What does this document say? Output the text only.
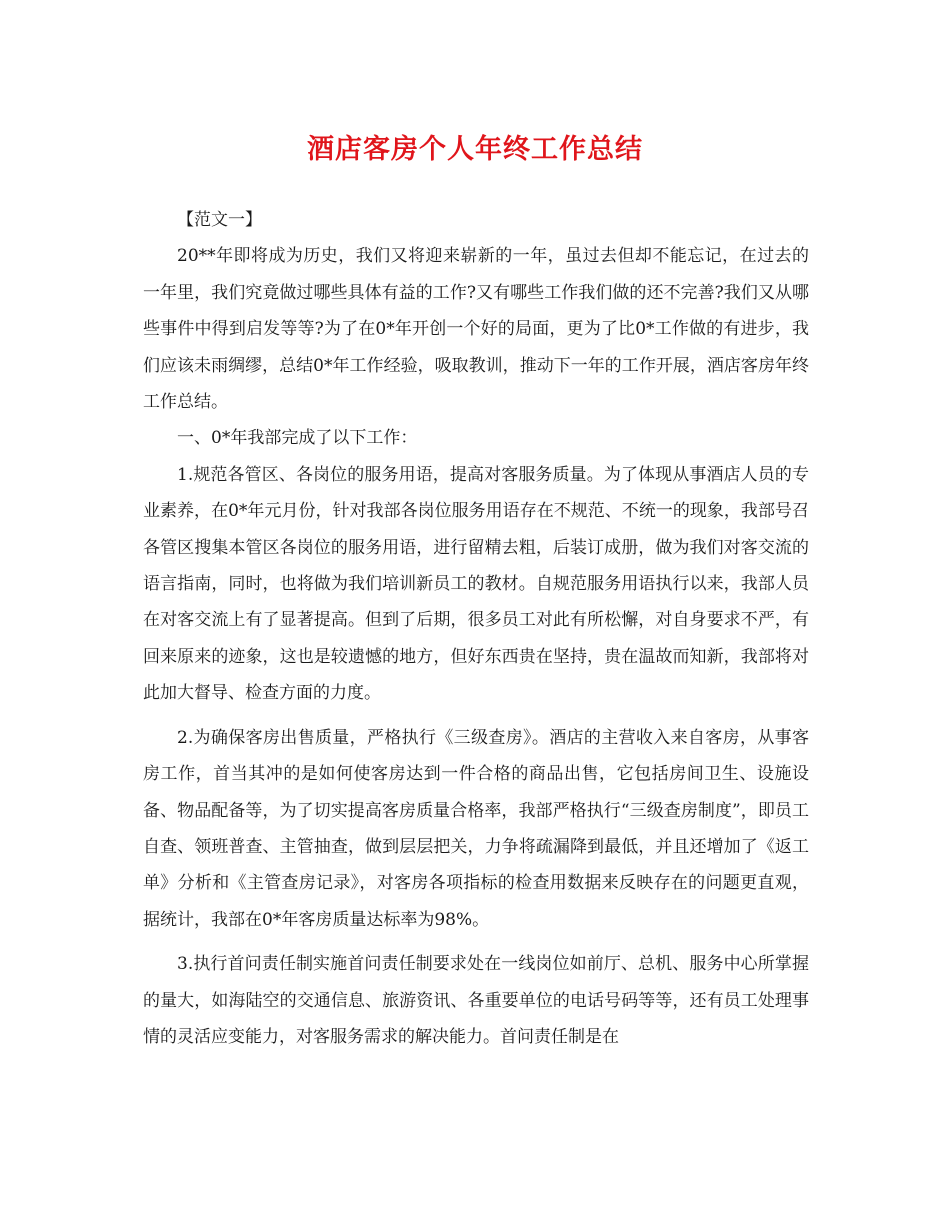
酒店客房个人年终工作总结

【范文一】

20**年即将成为历史，我们又将迎来崭新的一年，虽过去但却不能忘记，在过去的一年里，我们究竟做过哪些具体有益的工作?又有哪些工作我们做的还不完善?我们又从哪些事件中得到启发等等?为了在0*年开创一个好的局面，更为了比0*工作做的有进步，我们应该未雨绸缪，总结0*年工作经验，吸取教训，推动下一年的工作开展，酒店客房年终工作总结。

一、0*年我部完成了以下工作：

1.规范各管区、各岗位的服务用语，提高对客服务质量。为了体现从事酒店人员的专业素养，在0*年元月份，针对我部各岗位服务用语存在不规范、不统一的现象，我部号召各管区搜集本管区各岗位的服务用语，进行留精去粗，后装订成册，做为我们对客交流的语言指南，同时，也将做为我们培训新员工的教材。自规范服务用语执行以来，我部人员在对客交流上有了显著提高。但到了后期，很多员工对此有所松懈，对自身要求不严，有回来原来的迹象，这也是较遗憾的地方，但好东西贵在坚持，贵在温故而知新，我部将对此加大督导、检查方面的力度。

2.为确保客房出售质量，严格执行《三级查房》。酒店的主营收入来自客房，从事客房工作，首当其冲的是如何使客房达到一件合格的商品出售，它包括房间卫生、设施设备、物品配备等，为了切实提高客房质量合格率，我部严格执行“三级查房制度”，即员工自查、领班普查、主管抽查，做到层层把关，力争将疏漏降到最低，并且还增加了《返工单》分析和《主管查房记录》，对客房各项指标的检查用数据来反映存在的问题更直观，据统计，我部在0*年客房质量达标率为98%。

3.执行首问责任制实施首问责任制要求处在一线岗位如前厅、总机、服务中心所掌握的量大，如海陆空的交通信息、旅游资讯、各重要单位的电话号码等等，还有员工处理事情的灵活应变能力，对客服务需求的解决能力。首问责任制是在
